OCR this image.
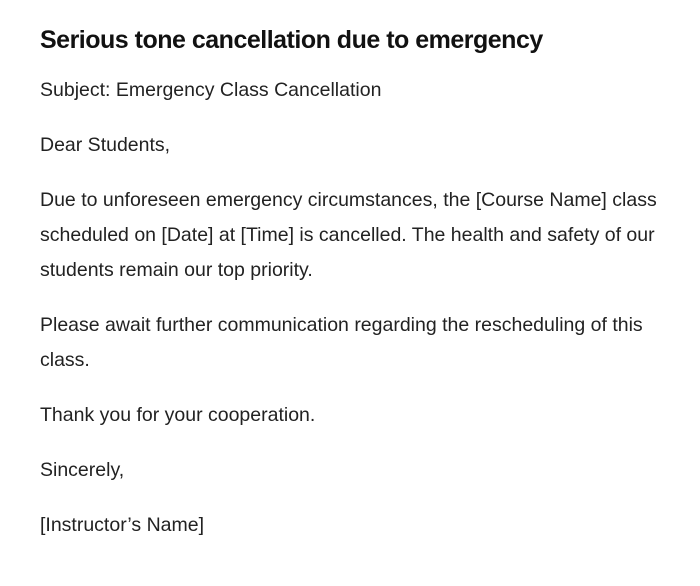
Serious tone cancellation due to emergency

Subject: Emergency Class Cancellation

Dear Students,

Due to unforeseen emergency circumstances, the [Course Name] class scheduled on [Date] at [Time] is cancelled. The health and safety of our students remain our top priority.

Please await further communication regarding the rescheduling of this class.

Thank you for your cooperation.

Sincerely,

[Instructor’s Name]
